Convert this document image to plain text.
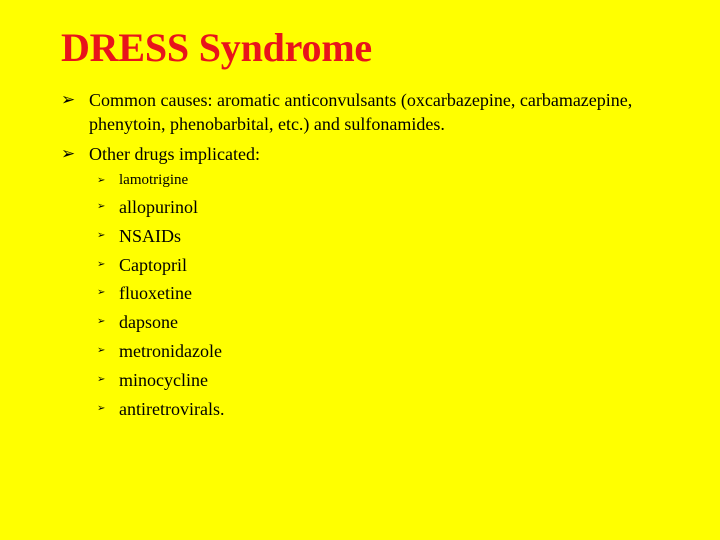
DRESS Syndrome
➢ Common causes: aromatic anticonvulsants (oxcarbazepine, carbamazepine, phenytoin, phenobarbital, etc.) and sulfonamides.
➢ Other drugs implicated:
➢ lamotrigine
➢ allopurinol
➢ NSAIDs
➢ Captopril
➢ fluoxetine
➢ dapsone
➢ metronidazole
➢ minocycline
➢ antiretrovirals.
